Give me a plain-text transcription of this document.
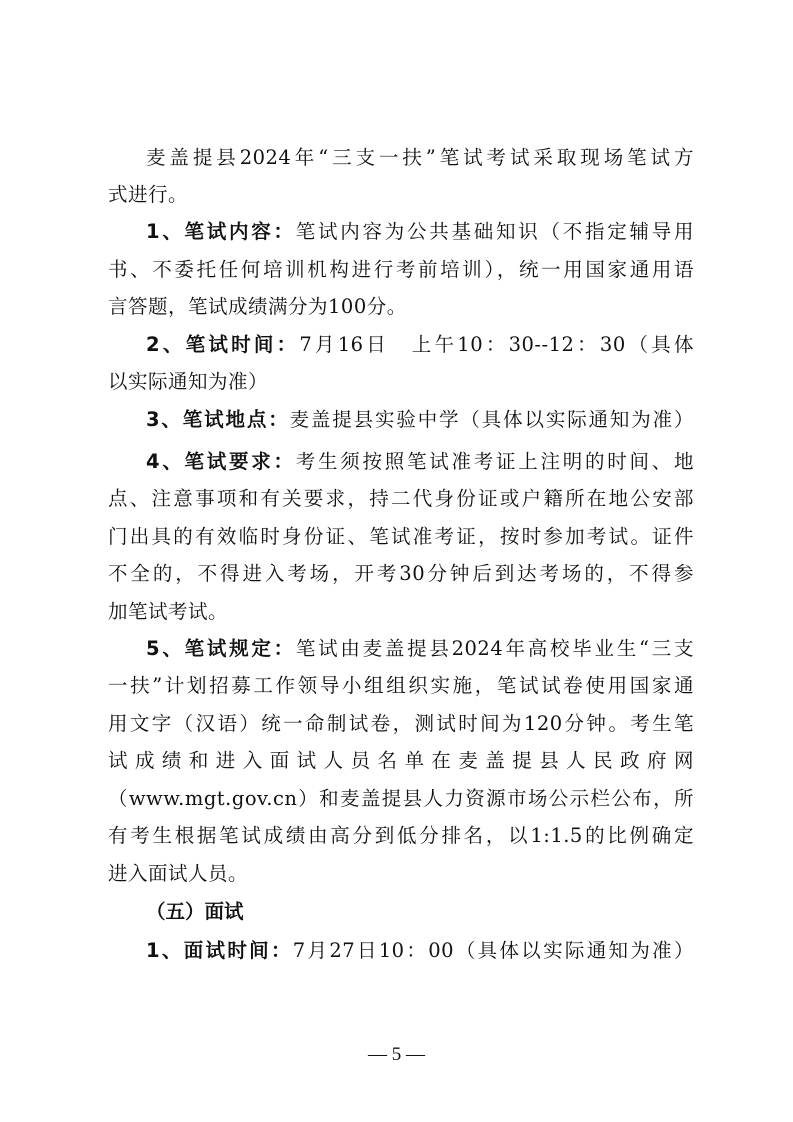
麦盖提县2024年“三支一扶”笔试考试采取现场笔试方
式进行。
1、笔试内容：笔试内容为公共基础知识（不指定辅导用
书、不委托任何培训机构进行考前培训），统一用国家通用语
言答题，笔试成绩满分为100分。
2、笔试时间：7月16日　上午10：30--12：30（具体
以实际通知为准）
3、笔试地点：麦盖提县实验中学（具体以实际通知为准）
4、笔试要求：考生须按照笔试准考证上注明的时间、地
点、注意事项和有关要求，持二代身份证或户籍所在地公安部
门出具的有效临时身份证、笔试准考证，按时参加考试。证件
不全的，不得进入考场，开考30分钟后到达考场的，不得参
加笔试考试。
5、笔试规定：笔试由麦盖提县2024年高校毕业生“三支
一扶”计划招募工作领导小组组织实施，笔试试卷使用国家通
用文字（汉语）统一命制试卷，测试时间为120分钟。考生笔
试成绩和进入面试人员名单在麦盖提县人民政府网
（www.mgt.gov.cn）和麦盖提县人力资源市场公示栏公布，所
有考生根据笔试成绩由高分到低分排名，以1:1.5的比例确定
进入面试人员。
（五）面试
1、面试时间：7月27日10：00（具体以实际通知为准）
— 5 —
